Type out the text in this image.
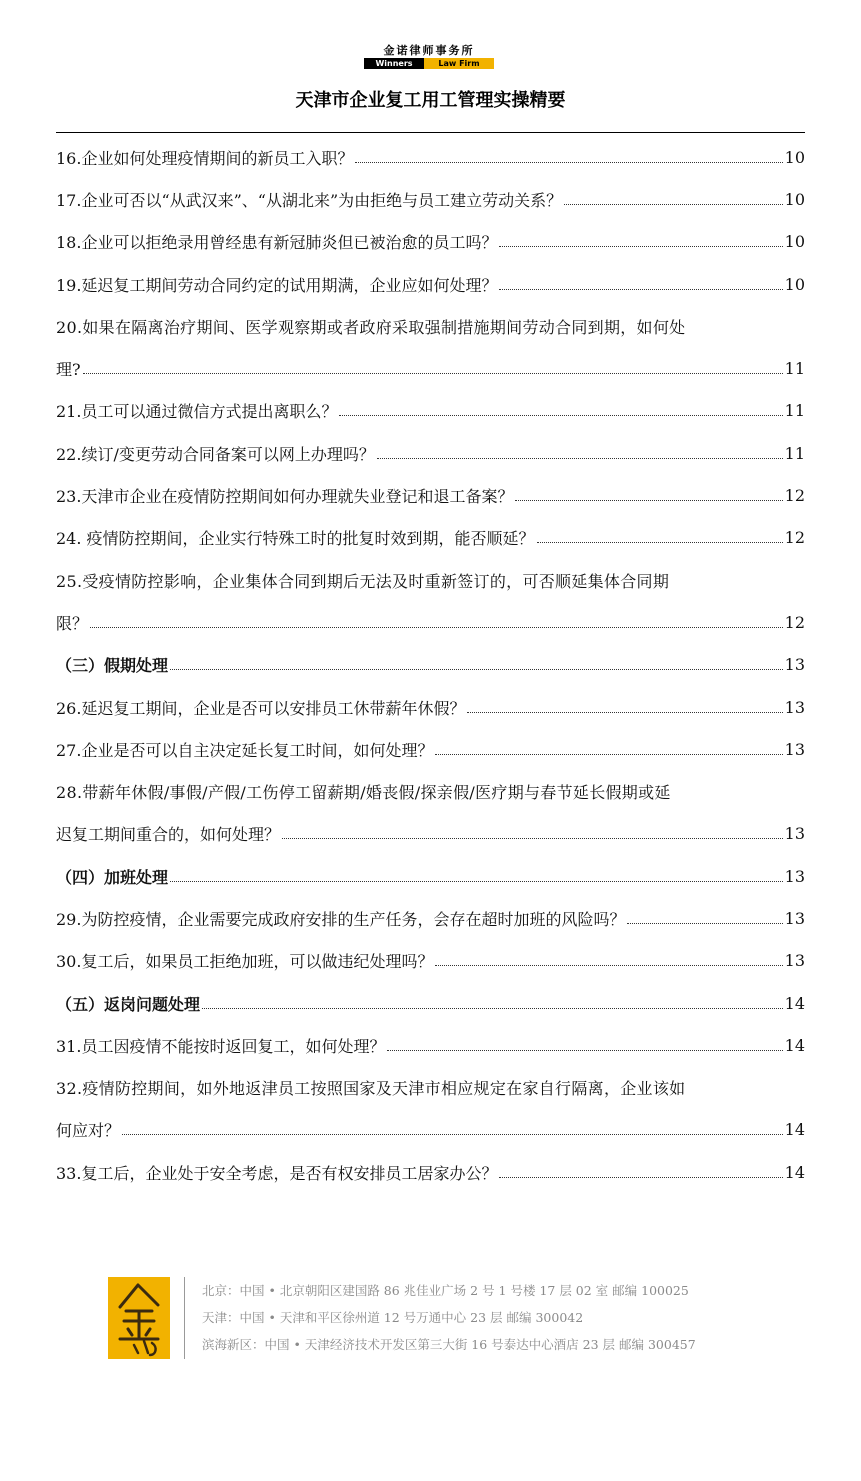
金诺律师事务所
Winners	Law Firm
天津市企业复工用工管理实操精要
16.企业如何处理疫情期间的新员工入职？	10
17.企业可否以“从武汉来”、“从湖北来”为由拒绝与员工建立劳动关系？	10
18.企业可以拒绝录用曾经患有新冠肺炎但已被治愈的员工吗？	10
19.延迟复工期间劳动合同约定的试用期满，企业应如何处理？	10
20.如果在隔离治疗期间、医学观察期或者政府采取强制措施期间劳动合同到期，如何处
理?	11
21.员工可以通过微信方式提出离职么？	11
22.续订/变更劳动合同备案可以网上办理吗？	11
23.天津市企业在疫情防控期间如何办理就失业登记和退工备案？	12
24. 疫情防控期间，企业实行特殊工时的批复时效到期，能否顺延？	12
25.受疫情防控影响，企业集体合同到期后无法及时重新签订的，可否顺延集体合同期
限？	12
（三）假期处理	13
26.延迟复工期间，企业是否可以安排员工休带薪年休假？	13
27.企业是否可以自主决定延长复工时间，如何处理？	13
28.带薪年休假/事假/产假/工伤停工留薪期/婚丧假/探亲假/医疗期与春节延长假期或延
迟复工期间重合的，如何处理？	13
（四）加班处理	13
29.为防控疫情，企业需要完成政府安排的生产任务，会存在超时加班的风险吗？	13
30.复工后，如果员工拒绝加班，可以做违纪处理吗？	13
（五）返岗问题处理	14
31.员工因疫情不能按时返回复工，如何处理？	14
32.疫情防控期间，如外地返津员工按照国家及天津市相应规定在家自行隔离，企业该如
何应对？	14
33.复工后，企业处于安全考虑，是否有权安排员工居家办公？	14
北京：中国 • 北京朝阳区建国路 86 兆佳业广场 2 号 1 号楼 17 层 02 室 邮编 100025
天津：中国 • 天津和平区徐州道 12 号万通中心 23 层 邮编 300042
滨海新区：中国 • 天津经济技术开发区第三大街 16 号泰达中心酒店 23 层 邮编 300457
